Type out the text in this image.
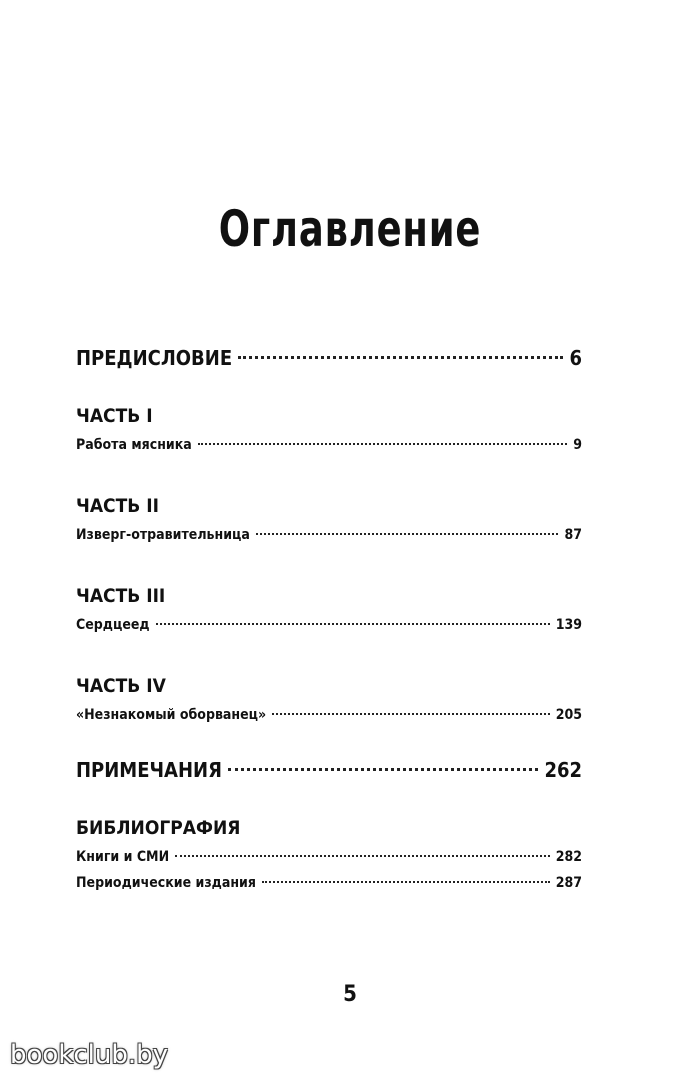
Оглавление
ПРЕДИСЛОВИЕ	6
ЧАСТЬ I
Работа мясника	9
ЧАСТЬ II
Изверг-отравительница	87
ЧАСТЬ III
Сердцеед	139
ЧАСТЬ IV
«Незнакомый оборванец»	205
ПРИМЕЧАНИЯ	262
БИБЛИОГРАФИЯ
Книги и СМИ	282
Периодические издания	287
5
bookclub.by
